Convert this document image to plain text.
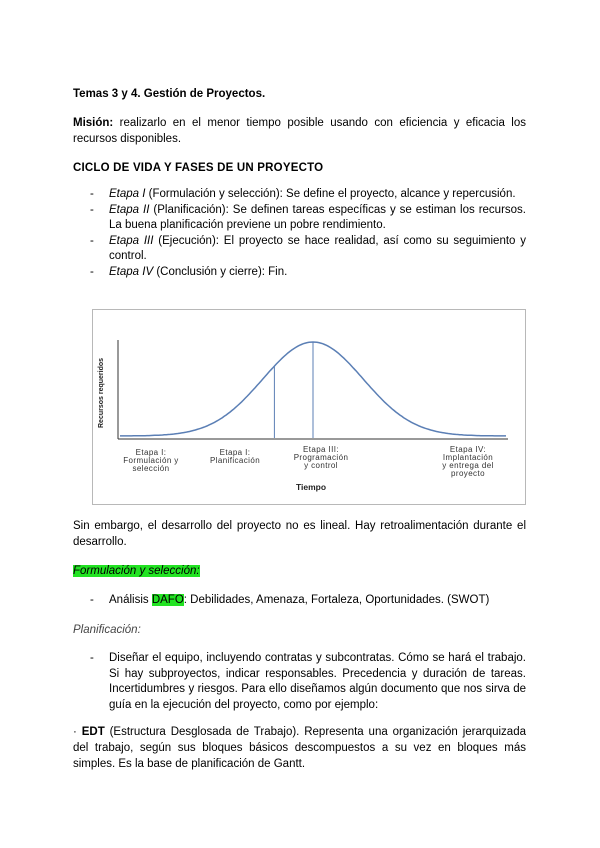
Temas 3 y 4. Gestión de Proyectos.
Misión: realizarlo en el menor tiempo posible usando con eficiencia y eficacia los recursos disponibles.
CICLO DE VIDA Y FASES DE UN PROYECTO
- Etapa I (Formulación y selección): Se define el proyecto, alcance y repercusión.
- Etapa II (Planificación): Se definen tareas específicas y se estiman los recursos. La buena planificación previene un pobre rendimiento.
- Etapa III (Ejecución): El proyecto se hace realidad, así como su seguimiento y control.
- Etapa IV (Conclusión y cierre): Fin.
Recursos requeridos
Etapa I:
Formulación y
selección
Etapa I:
Planificación
Etapa III:
Programación
y control
Etapa IV:
Implantación
y entrega del
proyecto
Tiempo
Sin embargo, el desarrollo del proyecto no es lineal. Hay retroalimentación durante el desarrollo.
Formulación y selección:
- Análisis DAFO: Debilidades, Amenaza, Fortaleza, Oportunidades. (SWOT)
Planificación:
- Diseñar el equipo, incluyendo contratas y subcontratas. Cómo se hará el trabajo. Si hay subproyectos, indicar responsables. Precedencia y duración de tareas. Incertidumbres y riesgos. Para ello diseñamos algún documento que nos sirva de guía en la ejecución del proyecto, como por ejemplo:
· EDT (Estructura Desglosada de Trabajo). Representa una organización jerarquizada del trabajo, según sus bloques básicos descompuestos a su vez en bloques más simples. Es la base de planificación de Gantt.
